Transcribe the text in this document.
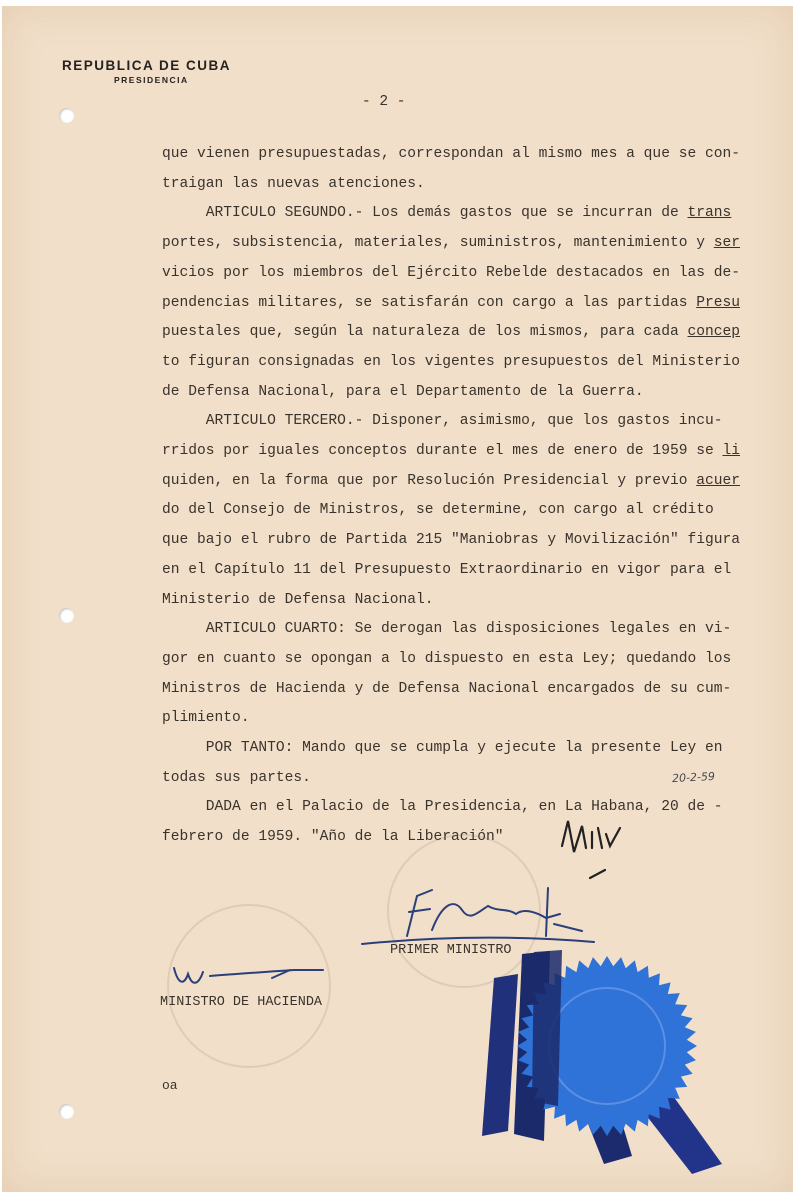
REPUBLICA DE CUBA
PRESIDENCIA
- 2 -
que vienen presupuestadas, correspondan al mismo mes a que se con-
traigan las nuevas atenciones.
ARTICULO SEGUNDO.- Los demás gastos que se incurran de trans
portes, subsistencia, materiales, suministros, mantenimiento y ser
vicios por los miembros del Ejército Rebelde destacados en las de-
pendencias militares, se satisfarán con cargo a las partidas Presu
puestales que, según la naturaleza de los mismos, para cada concep
to figuran consignadas en los vigentes presupuestos del Ministerio
de Defensa Nacional, para el Departamento de la Guerra.
ARTICULO TERCERO.- Disponer, asimismo, que los gastos incu-
rridos por iguales conceptos durante el mes de enero de 1959 se li
quiden, en la forma que por Resolución Presidencial y previo acuer
do del Consejo de Ministros, se determine, con cargo al crédito
que bajo el rubro de Partida 215 "Maniobras y Movilización" figura
en el Capítulo 11 del Presupuesto Extraordinario en vigor para el
Ministerio de Defensa Nacional.
ARTICULO CUARTO: Se derogan las disposiciones legales en vi-
gor en cuanto se opongan a lo dispuesto en esta Ley; quedando los
Ministros de Hacienda y de Defensa Nacional encargados de su cum-
plimiento.
POR TANTO: Mando que se cumpla y ejecute la presente Ley en
todas sus partes.
DADA en el Palacio de la Presidencia, en La Habana, 20 de -
febrero de 1959. "Año de la Liberación"
20-2-59
PRIMER MINISTRO
MINISTRO DE HACIENDA
oa
